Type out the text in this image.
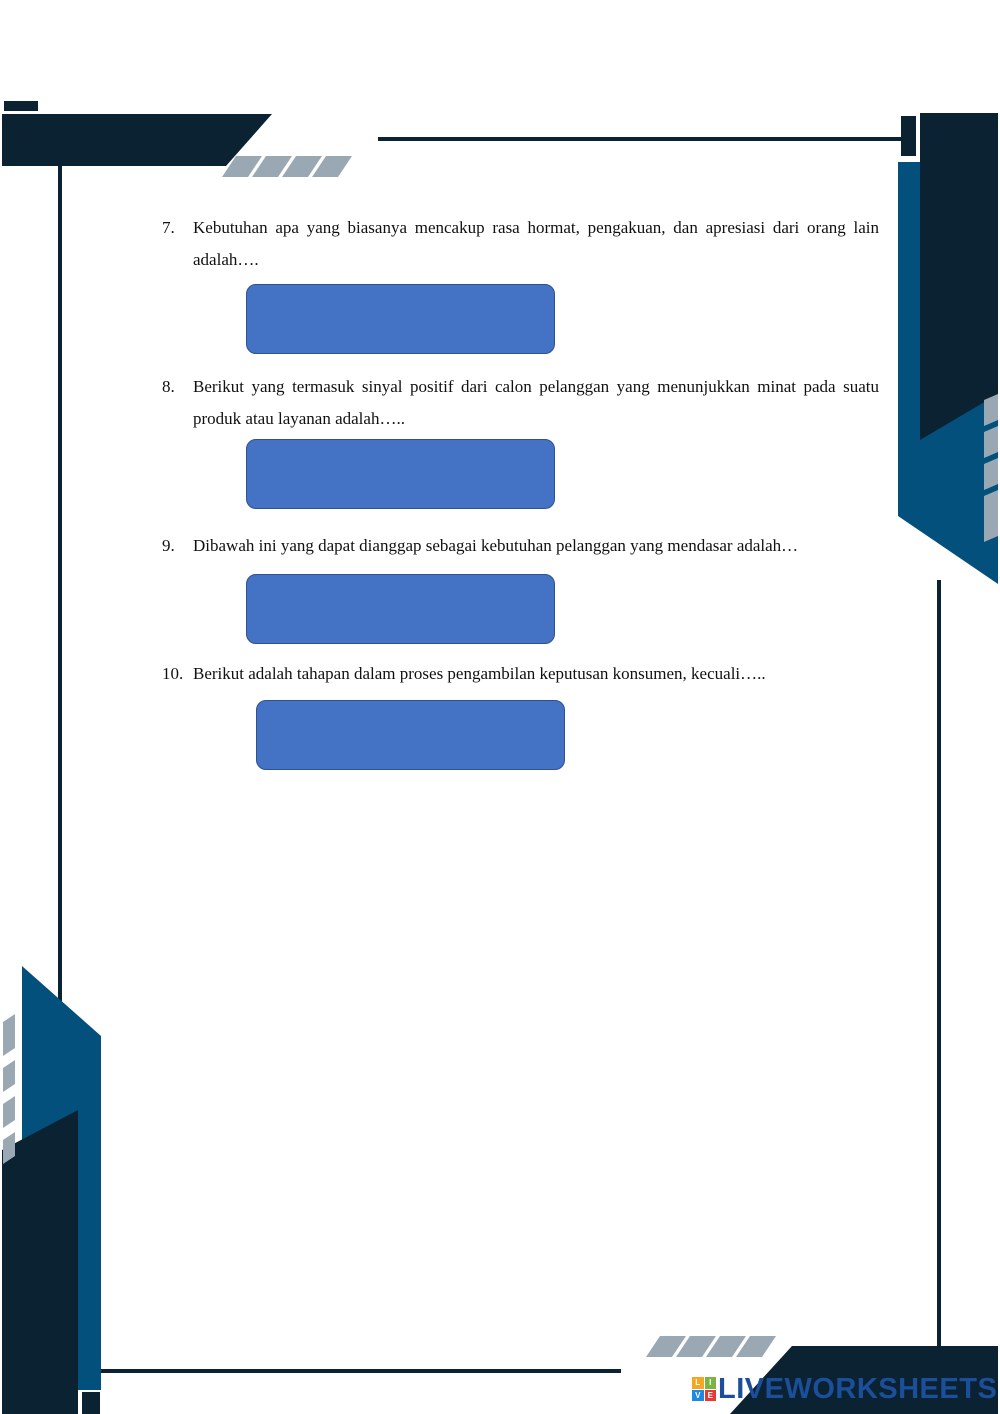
7. Kebutuhan apa yang biasanya mencakup rasa hormat, pengakuan, dan apresiasi dari orang lain adalah….
8. Berikut yang termasuk sinyal positif dari calon pelanggan yang menunjukkan minat pada suatu produk atau layanan adalah…..
9. Dibawah ini yang dapat dianggap sebagai kebutuhan pelanggan yang mendasar adalah…
10. Berikut adalah tahapan dalam proses pengambilan keputusan konsumen, kecuali…..
L	I
V E LIVEWORKSHEETS
